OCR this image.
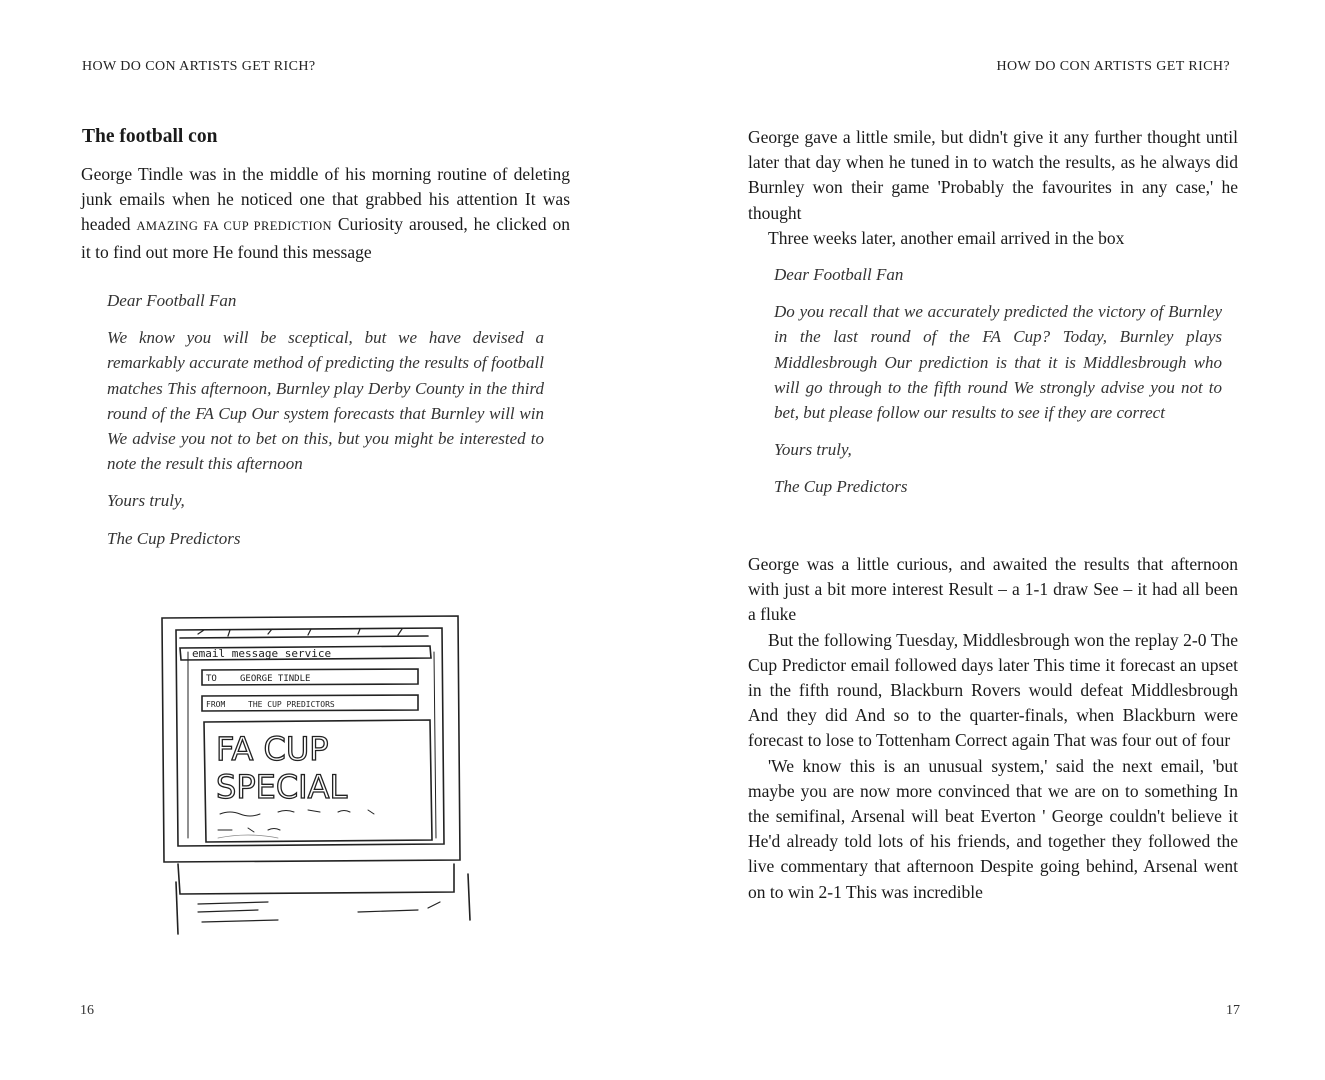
HOW DO CON ARTISTS GET RICH?
The football con

George Tindle was in the middle of his morning routine of deleting junk emails when he noticed one that grabbed his attention It was headed AMAZING FA CUP PREDICTION Curiosity aroused, he clicked on it to find out more He found this message

Dear Football Fan

We know you will be sceptical, but we have devised a remarkably accurate method of predicting the results of football matches This afternoon, Burnley play Derby County in the third round of the FA Cup Our system forecasts that Burnley will win We advise you not to bet on this, but you might be interested to note the result this afternoon

Yours truly,

The Cup Predictors

email message service
TO	GEORGE TINDLE
FROM	THE CUP PREDICTORS
FA CUP
SPECIAL
16
HOW DO CON ARTISTS GET RICH?

George gave a little smile, but didn't give it any further thought until later that day when he tuned in to watch the results, as he always did Burnley won their game 'Probably the favourites in any case,' he thought

Three weeks later, another email arrived in the box

Dear Football Fan

Do you recall that we accurately predicted the victory of Burnley in the last round of the FA Cup? Today, Burnley plays Middlesbrough Our prediction is that it is Middlesbrough who will go through to the fifth round We strongly advise you not to bet, but please follow our results to see if they are correct

Yours truly,

The Cup Predictors

George was a little curious, and awaited the results that afternoon with just a bit more interest Result – a 1-1 draw See – it had all been a fluke

But the following Tuesday, Middlesbrough won the replay 2-0 The Cup Predictor email followed days later This time it forecast an upset in the fifth round, Blackburn Rovers would defeat Middlesbrough And they did And so to the quarter-finals, when Blackburn were forecast to lose to Tottenham Correct again That was four out of four

'We know this is an unusual system,' said the next email, 'but maybe you are now more convinced that we are on to something In the semifinal, Arsenal will beat Everton ' George couldn't believe it He'd already told lots of his friends, and together they followed the live commentary that afternoon Despite going behind, Arsenal went on to win 2-1 This was incredible

17
